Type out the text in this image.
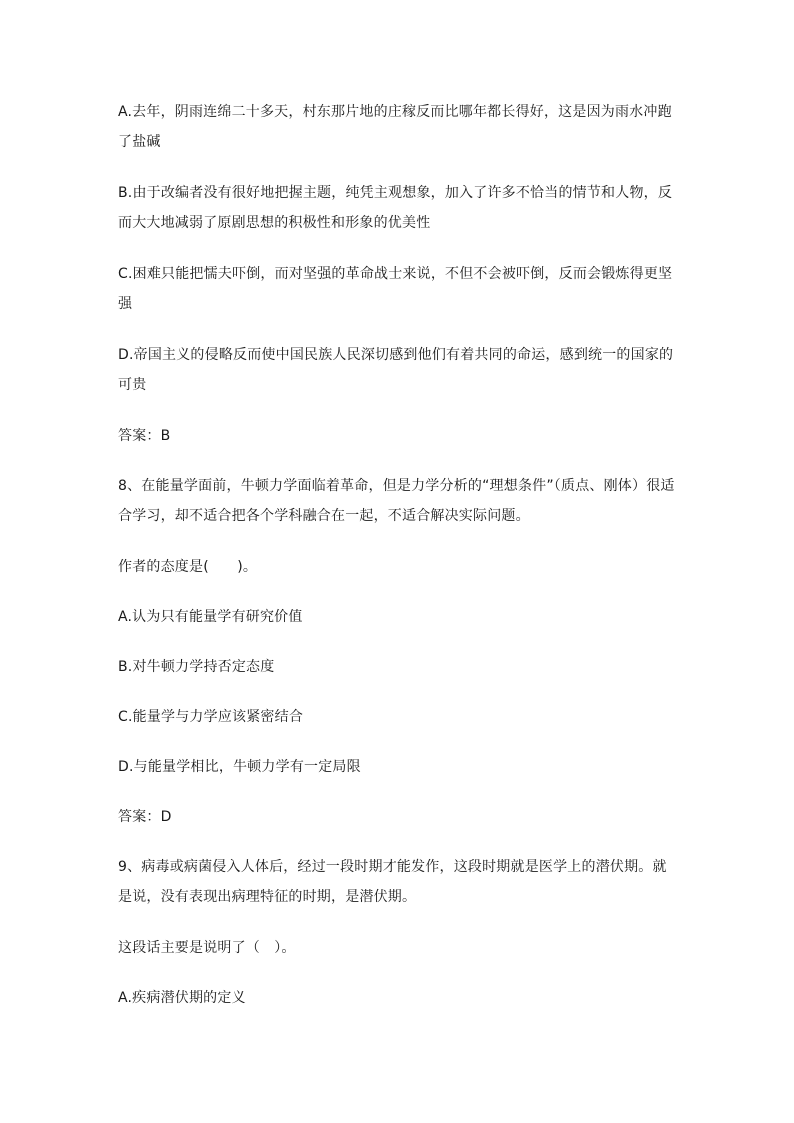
A.去年，阴雨连绵二十多天，村东那片地的庄稼反而比哪年都长得好，这是因为雨水冲跑了盐碱
B.由于改编者没有很好地把握主题，纯凭主观想象，加入了许多不恰当的情节和人物，反而大大地减弱了原剧思想的积极性和形象的优美性
C.困难只能把懦夫吓倒，而对坚强的革命战士来说，不但不会被吓倒，反而会锻炼得更坚强
D.帝国主义的侵略反而使中国民族人民深切感到他们有着共同的命运，感到统一的国家的可贵
答案：B
8、在能量学面前，牛顿力学面临着革命，但是力学分析的“理想条件”（质点、刚体）很适合学习，却不适合把各个学科融合在一起，不适合解决实际问题。
作者的态度是(　　)。
A.认为只有能量学有研究价值
B.对牛顿力学持否定态度
C.能量学与力学应该紧密结合
D.与能量学相比，牛顿力学有一定局限
答案：D
9、病毒或病菌侵入人体后，经过一段时期才能发作，这段时期就是医学上的潜伏期。就是说，没有表现出病理特征的时期，是潜伏期。
这段话主要是说明了（　）。
A.疾病潜伏期的定义
